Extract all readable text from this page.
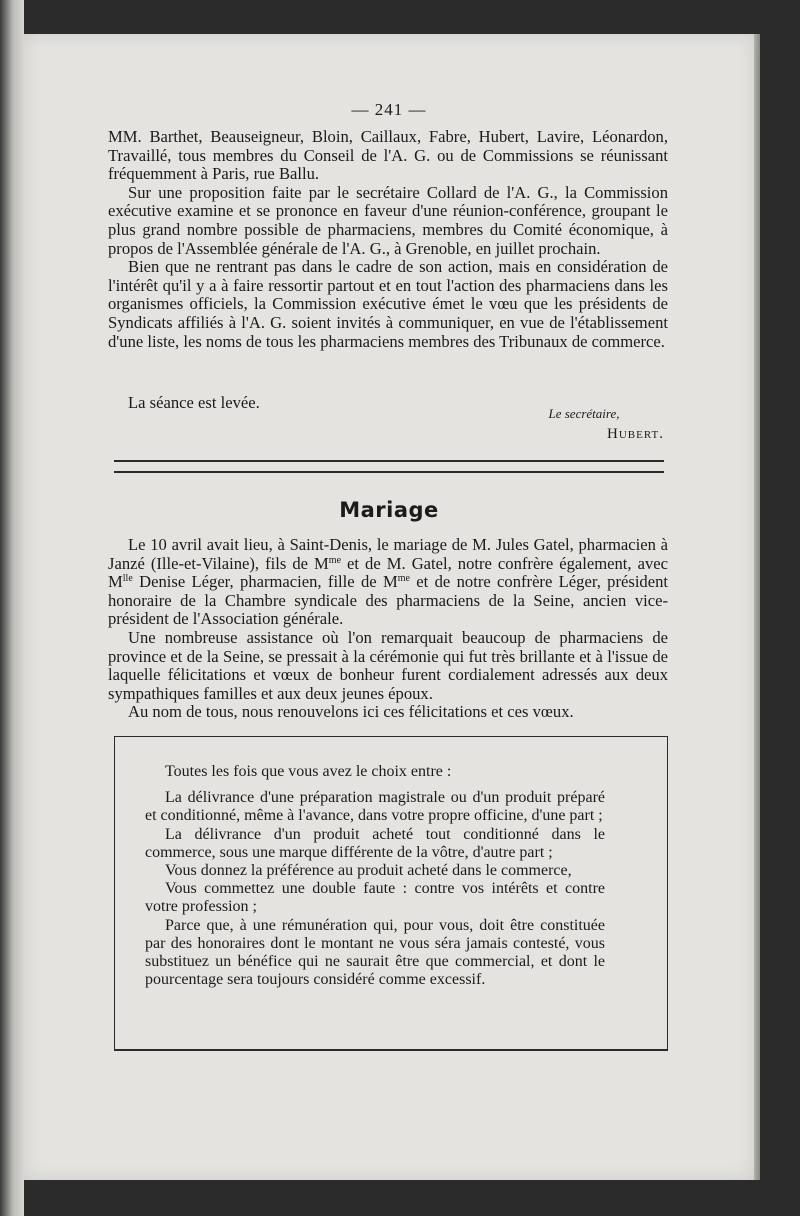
— 241 —

MM. Barthet, Beauseigneur, Bloin, Caillaux, Fabre, Hubert, Lavire, Léonardon, Travaillé, tous membres du Conseil de l'A. G. ou de Commissions se réunissant fréquemment à Paris, rue Ballu.

Sur une proposition faite par le secrétaire Collard de l'A. G., la Commission exécutive examine et se prononce en faveur d'une réunion-conférence, groupant le plus grand nombre possible de pharmaciens, membres du Comité économique, à propos de l'Assemblée générale de l'A. G., à Grenoble, en juillet prochain.

Bien que ne rentrant pas dans le cadre de son action, mais en considération de l'intérêt qu'il y a à faire ressortir partout et en tout l'action des pharmaciens dans les organismes officiels, la Commission exécutive émet le vœu que les présidents de Syndicats affiliés à l'A. G. soient invités à communiquer, en vue de l'établissement d'une liste, les noms de tous les pharmaciens membres des Tribunaux de commerce.

La séance est levée.

Le secrétaire,
Hubert.
Mariage

Le 10 avril avait lieu, à Saint-Denis, le mariage de M. Jules Gatel, pharmacien à Janzé (Ille-et-Vilaine), fils de $M^{me}$ et de M. Gatel, notre confrère également, avec $M^{lle}$ Denise Léger, pharmacien, fille de $M^{me}$ et de notre confrère Léger, président honoraire de la Chambre syndicale des pharmaciens de la Seine, ancien vice-président de l'Association générale.

Une nombreuse assistance où l'on remarquait beaucoup de pharmaciens de province et de la Seine, se pressait à la cérémonie qui fut très brillante et à l'issue de laquelle félicitations et vœux de bonheur furent cordialement adressés aux deux sympathiques familles et aux deux jeunes époux.

Au nom de tous, nous renouvelons ici ces félicitations et ces vœux.

Toutes les fois que vous avez le choix entre :

La délivrance d'une préparation magistrale ou d'un produit préparé et conditionné, même à l'avance, dans votre propre officine, d'une part ;

La délivrance d'un produit acheté tout conditionné dans le commerce, sous une marque différente de la vôtre, d'autre part ;

Vous donnez la préférence au produit acheté dans le commerce,

Vous commettez une double faute : contre vos intérêts et contre votre profession ;

Parce que, à une rémunération qui, pour vous, doit être constituée par des honoraires dont le montant ne vous séra jamais contesté, vous substituez un bénéfice qui ne saurait être que commercial, et dont le pourcentage sera toujours considéré comme excessif.
